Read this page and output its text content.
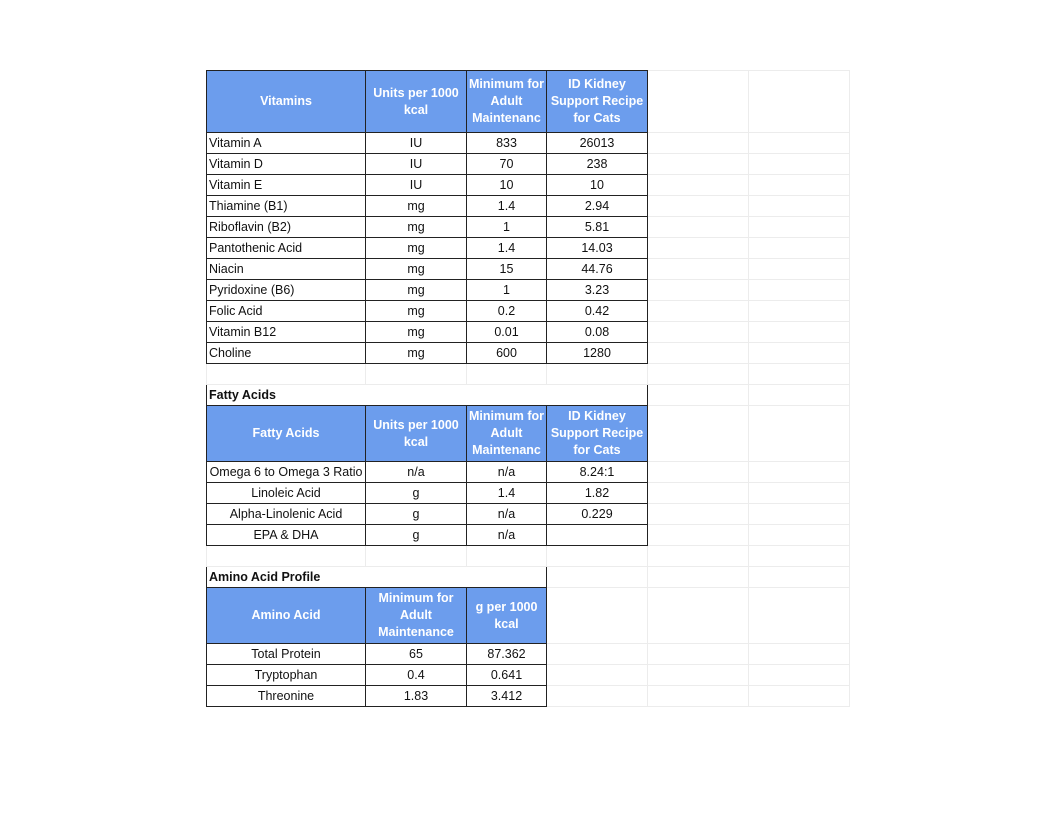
Vitamins	Units per 1000 kcal	Minimum for Adult Maintenanc	ID Kidney Support Recipe for Cats		
Vitamin A	IU	833	26013		
Vitamin D	IU	70	238		
Vitamin E	IU	10	10		
Thiamine (B1)	mg	1.4	2.94		
Riboflavin (B2)	mg	1	5.81		
Pantothenic Acid	mg	1.4	14.03		
Niacin	mg	15	44.76		
Pyridoxine (B6)	mg	1	3.23		
Folic Acid	mg	0.2	0.42		
Vitamin B12	mg	0.01	0.08		
Choline	mg	600	1280		

Fatty Acids					
Fatty Acids	Units per 1000 kcal	Minimum for Adult Maintenanc	ID Kidney Support Recipe for Cats		
Omega 6 to Omega 3 Ratio	n/a	n/a	8.24:1		
Linoleic Acid	g	1.4	1.82		
Alpha-Linolenic Acid	g	n/a	0.229		
EPA & DHA	g	n/a			

Amino Acid Profile					
Amino Acid	Minimum for Adult Maintenance	g per 1000 kcal			
Total Protein	65	87.362			
Tryptophan	0.4	0.641			
Threonine	1.83	3.412			
